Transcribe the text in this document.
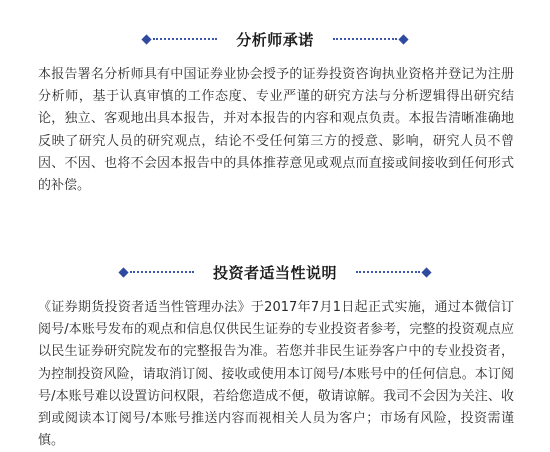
分析师承诺

本报告署名分析师具有中国证券业协会授予的证券投资咨询执业资格并登记为注册分析师，基于认真审慎的工作态度、专业严谨的研究方法与分析逻辑得出研究结论，独立、客观地出具本报告，并对本报告的内容和观点负责。本报告清晰准确地反映了研究人员的研究观点，结论不受任何第三方的授意、影响，研究人员不曾因、不因、也将不会因本报告中的具体推荐意见或观点而直接或间接收到任何形式的补偿。

投资者适当性说明

《证券期货投资者适当性管理办法》于2017年7月1日起正式实施，通过本微信订阅号/本账号发布的观点和信息仅供民生证券的专业投资者参考，完整的投资观点应以民生证券研究院发布的完整报告为准。若您并非民生证券客户中的专业投资者，为控制投资风险，请取消订阅、接收或使用本订阅号/本账号中的任何信息。本订阅号/本账号难以设置访问权限，若给您造成不便，敬请谅解。我司不会因为关注、收到或阅读本订阅号/本账号推送内容而视相关人员为客户；市场有风险，投资需谨慎。
